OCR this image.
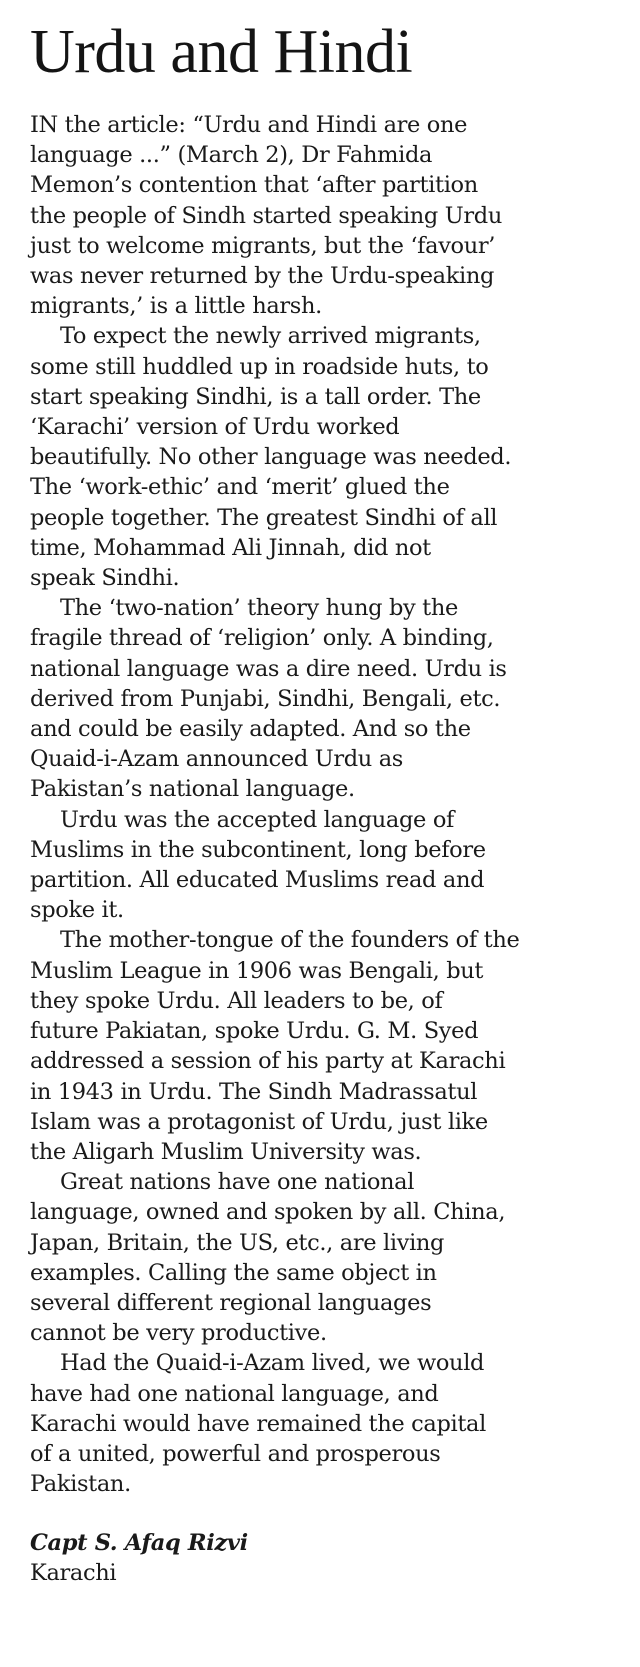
Urdu and Hindi

IN the article: “Urdu and Hindi are one
language ...” (March 2), Dr Fahmida
Memon’s contention that ‘after partition
the people of Sindh started speaking Urdu
just to welcome migrants, but the ‘favour’
was never returned by the Urdu-speaking
migrants,’ is a little harsh.

To expect the newly arrived migrants,
some still huddled up in roadside huts, to
start speaking Sindhi, is a tall order. The
‘Karachi’ version of Urdu worked
beautifully. No other language was needed.
The ‘work-ethic’ and ‘merit’ glued the
people together. The greatest Sindhi of all
time, Mohammad Ali Jinnah, did not
speak Sindhi.

The ‘two-nation’ theory hung by the
fragile thread of ‘religion’ only. A binding,
national language was a dire need. Urdu is
derived from Punjabi, Sindhi, Bengali, etc.
and could be easily adapted. And so the
Quaid-i-Azam announced Urdu as
Pakistan’s national language.

Urdu was the accepted language of
Muslims in the subcontinent, long before
partition. All educated Muslims read and
spoke it.

The mother-tongue of the founders of the
Muslim League in 1906 was Bengali, but
they spoke Urdu. All leaders to be, of
future Pakiatan, spoke Urdu. G. M. Syed
addressed a session of his party at Karachi
in 1943 in Urdu. The Sindh Madrassatul
Islam was a protagonist of Urdu, just like
the Aligarh Muslim University was.

Great nations have one national
language, owned and spoken by all. China,
Japan, Britain, the US, etc., are living
examples. Calling the same object in
several different regional languages
cannot be very productive.

Had the Quaid-i-Azam lived, we would
have had one national language, and
Karachi would have remained the capital
of a united, powerful and prosperous
Pakistan.

Capt S. Afaq Rizvi
Karachi
